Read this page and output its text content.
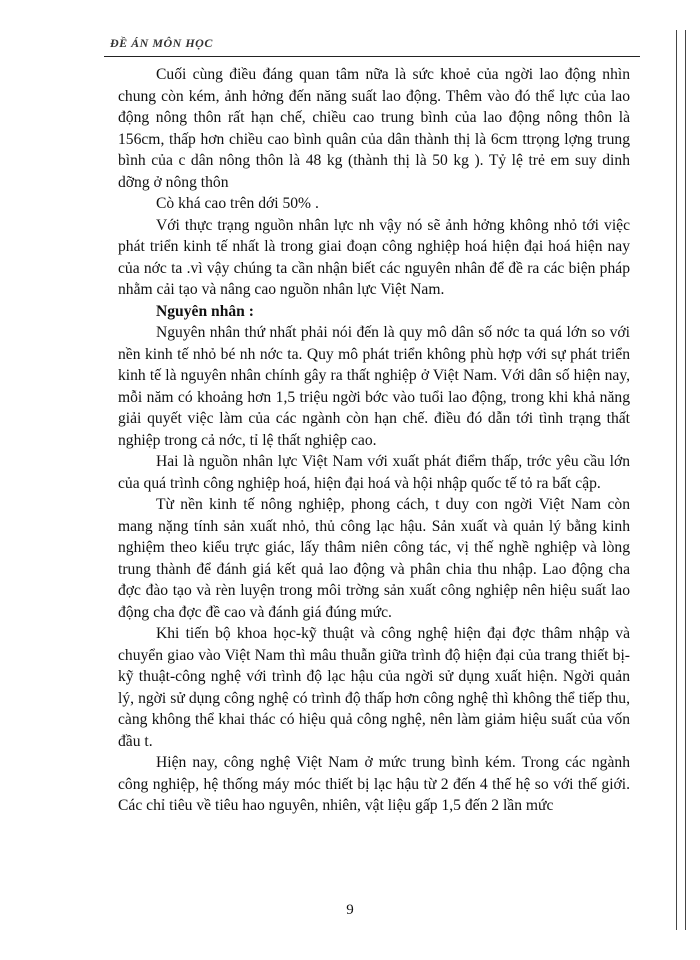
ĐỀ ÁN MÔN HỌC

Cuối cùng điều đáng quan tâm nữa là sức khoẻ của ngời lao động nhìn chung còn kém, ảnh hởng đến năng suất lao động. Thêm vào đó thể lực của lao động nông thôn rất hạn chế, chiều cao trung bình của lao động nông thôn là 156cm, thấp hơn chiều cao bình quân của dân thành thị là 6cm ttrọng lợng trung bình của c dân nông thôn là 48 kg (thành thị là 50 kg ). Tỷ lệ trẻ em suy dinh dỡng ở nông thôn

Cò khá cao trên dới 50% .

Với thực trạng nguồn nhân lực nh vậy nó sẽ ảnh hởng không nhỏ tới việc phát triển kinh tế nhất là trong giai đoạn công nghiệp hoá hiện đại hoá hiện nay của nớc ta .vì vậy chúng ta cần nhận biết các nguyên nhân để đề ra các biện pháp nhằm cải tạo và nâng cao nguồn nhân lực Việt Nam.

Nguyên nhân :

Nguyên nhân thứ nhất phải nói đến là quy mô dân số nớc ta quá lớn so với nền kinh tế nhỏ bé nh nớc ta. Quy mô phát triển không phù hợp với sự phát triển kinh tế là nguyên nhân chính gây ra thất nghiệp ở Việt Nam. Với dân số hiện nay, mỗi năm có khoảng hơn 1,5 triệu ngời bớc vào tuổi lao động, trong khi khả năng giải quyết việc làm của các ngành còn hạn chế. điều đó dẫn tới tình trạng thất nghiệp trong cả nớc, tỉ lệ thất nghiệp cao.

Hai là nguồn nhân lực Việt Nam với xuất phát điểm thấp, trớc yêu cầu lớn của quá trình công nghiệp hoá, hiện đại hoá và hội nhập quốc tế tỏ ra bất cập.

Từ nền kinh tế nông nghiệp, phong cách, t duy con ngời Việt Nam còn mang nặng tính sản xuất nhỏ, thủ công lạc hậu. Sản xuất và quản lý bằng kinh nghiệm theo kiểu trực giác, lấy thâm niên công tác, vị thế nghề nghiệp và lòng trung thành để đánh giá kết quả lao động và phân chia thu nhập. Lao động cha đợc đào tạo và rèn luyện trong môi trờng sản xuất công nghiệp nên hiệu suất lao động cha đợc đề cao và đánh giá đúng mức.

Khi tiến bộ khoa học-kỹ thuật và công nghệ hiện đại đợc thâm nhập và chuyển giao vào Việt Nam thì mâu thuẫn giữa trình độ hiện đại của trang thiết bị-kỹ thuật-công nghệ với trình độ lạc hậu của ngời sử dụng xuất hiện. Ngời quản lý, ngời sử dụng công nghệ có trình độ thấp hơn công nghệ thì không thể tiếp thu, càng không thể khai thác có hiệu quả công nghệ, nên làm giảm hiệu suất của vốn đầu t.

Hiện nay, công nghệ Việt Nam ở mức trung bình kém. Trong các ngành công nghiệp, hệ thống máy móc thiết bị lạc hậu từ 2 đến 4 thế hệ so với thế giới. Các chỉ tiêu về tiêu hao nguyên, nhiên, vật liệu gấp 1,5 đến 2 lần mức

9
